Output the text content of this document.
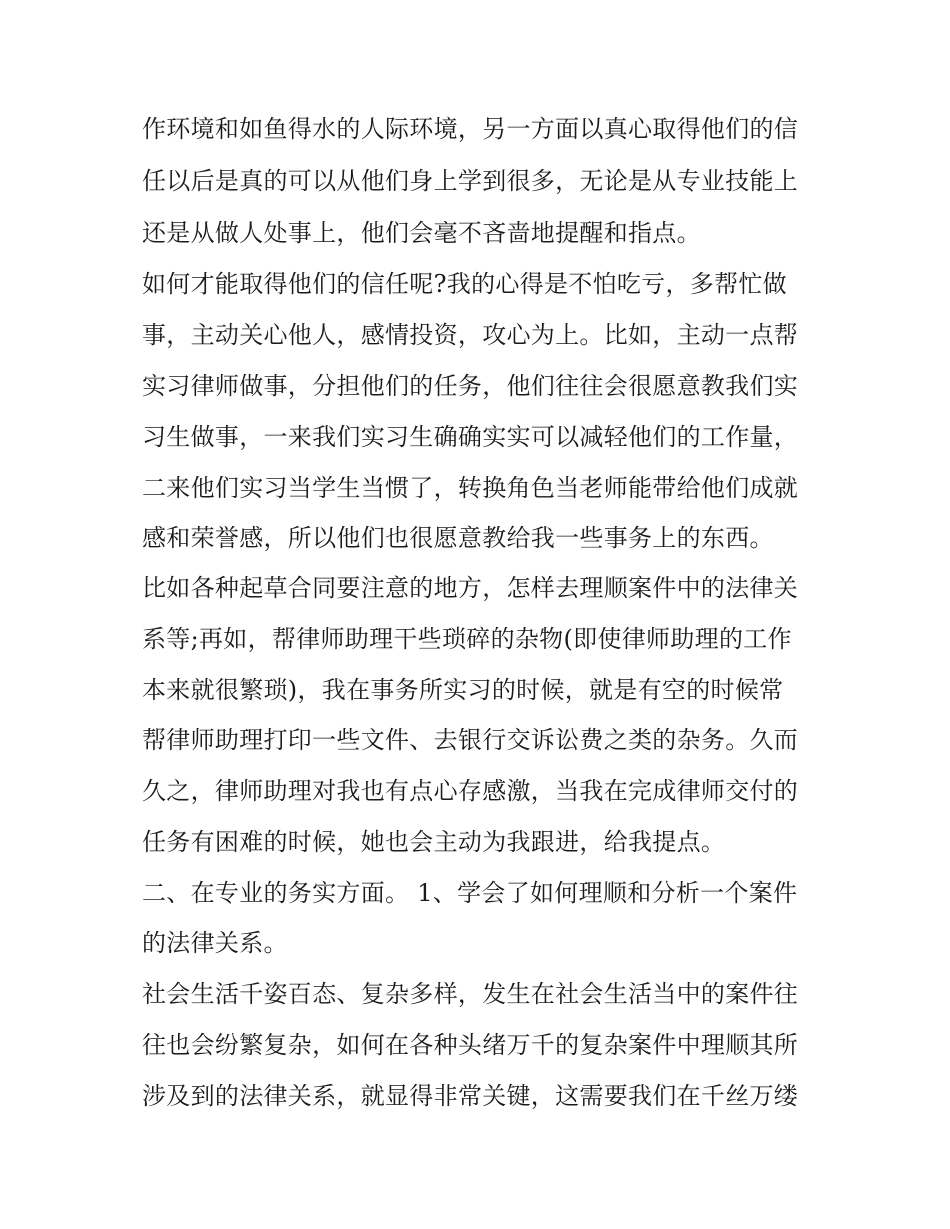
作环境和如鱼得水的人际环境，另一方面以真心取得他们的信
任以后是真的可以从他们身上学到很多，无论是从专业技能上
还是从做人处事上，他们会毫不吝啬地提醒和指点。
如何才能取得他们的信任呢?我的心得是不怕吃亏，多帮忙做
事，主动关心他人，感情投资，攻心为上。比如，主动一点帮
实习律师做事，分担他们的任务，他们往往会很愿意教我们实
习生做事，一来我们实习生确确实实可以减轻他们的工作量，
二来他们实习当学生当惯了，转换角色当老师能带给他们成就
感和荣誉感，所以他们也很愿意教给我一些事务上的东西。
比如各种起草合同要注意的地方，怎样去理顺案件中的法律关
系等;再如，帮律师助理干些琐碎的杂物(即使律师助理的工作
本来就很繁琐)，我在事务所实习的时候，就是有空的时候常
帮律师助理打印一些文件、去银行交诉讼费之类的杂务。久而
久之，律师助理对我也有点心存感激，当我在完成律师交付的
任务有困难的时候，她也会主动为我跟进，给我提点。
二、在专业的务实方面。 1、学会了如何理顺和分析一个案件
的法律关系。
社会生活千姿百态、复杂多样，发生在社会生活当中的案件往
往也会纷繁复杂，如何在各种头绪万千的复杂案件中理顺其所
涉及到的法律关系，就显得非常关键，这需要我们在千丝万缕
